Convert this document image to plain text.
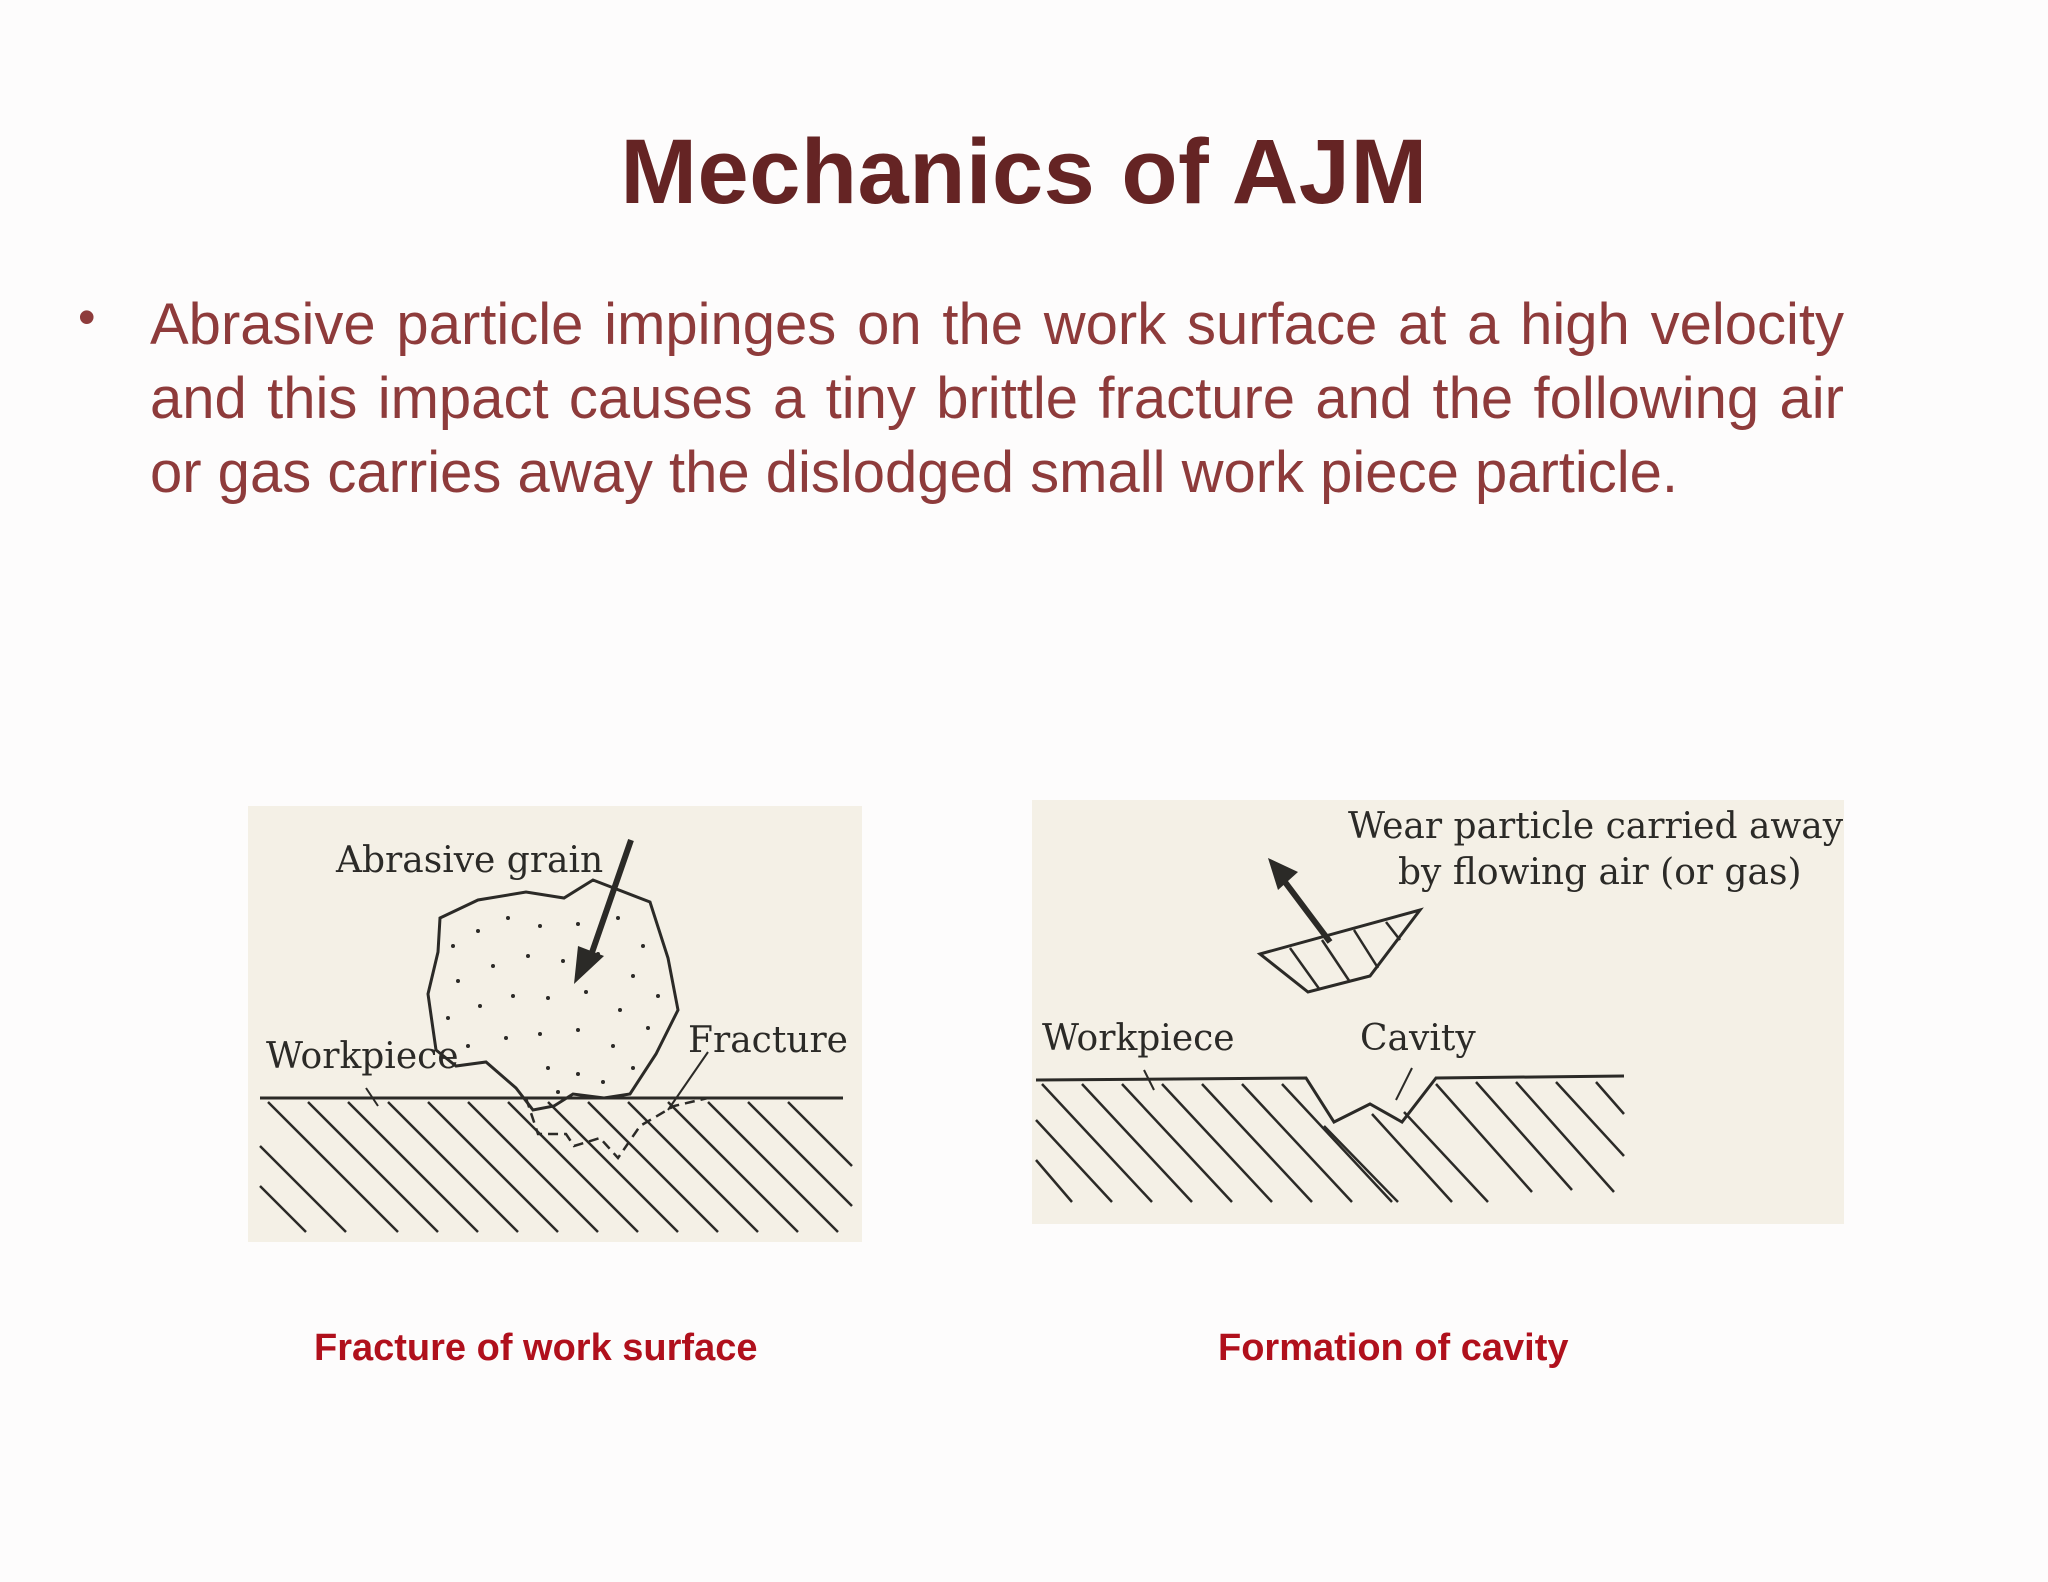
Mechanics of AJM
• Abrasive particle impinges on the work surface at a high velocity and this impact causes a tiny brittle fracture and the following air or gas carries away the dislodged small work piece particle.
Abrasive grain
Workpiece	Fracture
Wear particle carried away
by flowing air (or gas)
Workpiece	Cavity
Fracture of work surface	Formation of cavity
